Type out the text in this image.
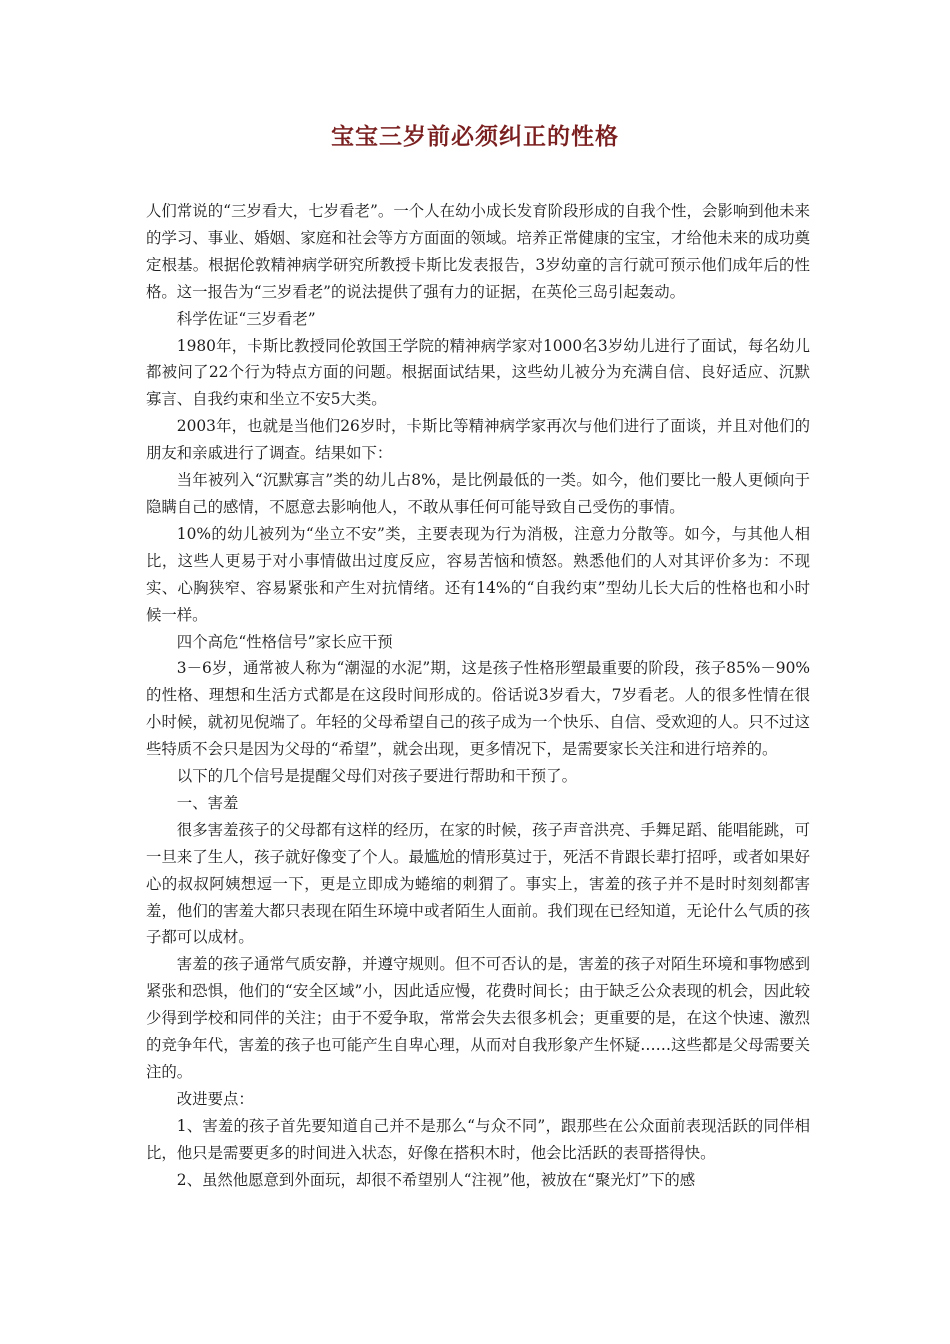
宝宝三岁前必须纠正的性格

人们常说的“三岁看大，七岁看老”。一个人在幼小成长发育阶段形成的自我个性，会影响到他未来的学习、事业、婚姻、家庭和社会等方方面面的领域。培养正常健康的宝宝，才给他未来的成功奠定根基。根据伦敦精神病学研究所教授卡斯比发表报告，3岁幼童的言行就可预示他们成年后的性格。这一报告为“三岁看老”的说法提供了强有力的证据，在英伦三岛引起轰动。

科学佐证“三岁看老”

1980年，卡斯比教授同伦敦国王学院的精神病学家对1000名3岁幼儿进行了面试，每名幼儿都被问了22个行为特点方面的问题。根据面试结果，这些幼儿被分为充满自信、良好适应、沉默寡言、自我约束和坐立不安5大类。

2003年，也就是当他们26岁时，卡斯比等精神病学家再次与他们进行了面谈，并且对他们的朋友和亲戚进行了调查。结果如下：

当年被列入“沉默寡言”类的幼儿占8%，是比例最低的一类。如今，他们要比一般人更倾向于隐瞒自己的感情，不愿意去影响他人，不敢从事任何可能导致自己受伤的事情。

10%的幼儿被列为“坐立不安”类，主要表现为行为消极，注意力分散等。如今，与其他人相比，这些人更易于对小事情做出过度反应，容易苦恼和愤怒。熟悉他们的人对其评价多为：不现实、心胸狭窄、容易紧张和产生对抗情绪。还有14%的“自我约束”型幼儿长大后的性格也和小时候一样。

四个高危“性格信号”家长应干预

3－6岁，通常被人称为“潮湿的水泥”期，这是孩子性格形塑最重要的阶段，孩子85%－90%的性格、理想和生活方式都是在这段时间形成的。俗话说3岁看大，7岁看老。人的很多性情在很小时候，就初见倪端了。年轻的父母希望自己的孩子成为一个快乐、自信、受欢迎的人。只不过这些特质不会只是因为父母的“希望”，就会出现，更多情况下，是需要家长关注和进行培养的。

以下的几个信号是提醒父母们对孩子要进行帮助和干预了。

一、害羞

很多害羞孩子的父母都有这样的经历，在家的时候，孩子声音洪亮、手舞足蹈、能唱能跳，可一旦来了生人，孩子就好像变了个人。最尴尬的情形莫过于，死活不肯跟长辈打招呼，或者如果好心的叔叔阿姨想逗一下，更是立即成为蜷缩的刺猬了。事实上，害羞的孩子并不是时时刻刻都害羞，他们的害羞大都只表现在陌生环境中或者陌生人面前。我们现在已经知道，无论什么气质的孩子都可以成材。

害羞的孩子通常气质安静，并遵守规则。但不可否认的是，害羞的孩子对陌生环境和事物感到紧张和恐惧，他们的“安全区域”小，因此适应慢，花费时间长；由于缺乏公众表现的机会，因此较少得到学校和同伴的关注；由于不爱争取，常常会失去很多机会；更重要的是，在这个快速、激烈的竞争年代，害羞的孩子也可能产生自卑心理，从而对自我形象产生怀疑……这些都是父母需要关注的。

改进要点：

1、害羞的孩子首先要知道自己并不是那么“与众不同”，跟那些在公众面前表现活跃的同伴相比，他只是需要更多的时间进入状态，好像在搭积木时，他会比活跃的表哥搭得快。

2、虽然他愿意到外面玩，却很不希望别人“注视”他，被放在“聚光灯”下的感
